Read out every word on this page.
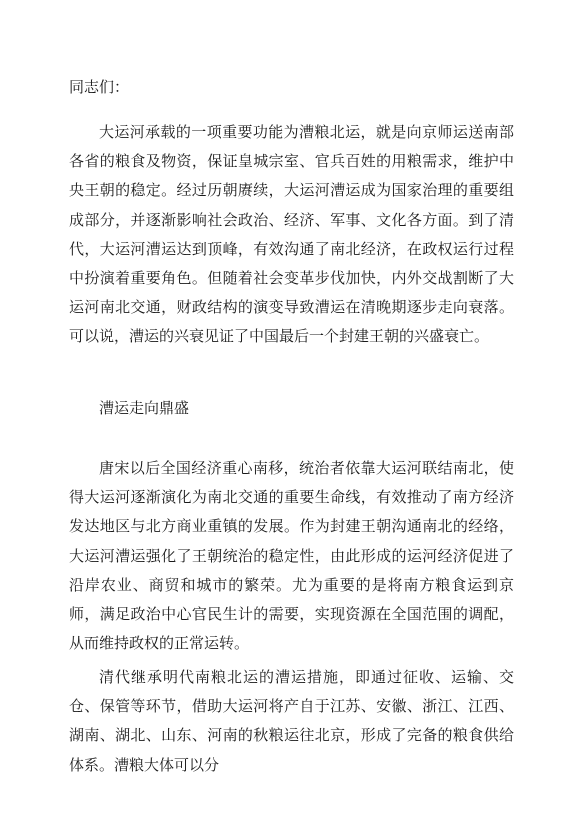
同志们：

大运河承载的一项重要功能为漕粮北运，就是向京师运送南部各省的粮食及物资，保证皇城宗室、官兵百姓的用粮需求，维护中央王朝的稳定。经过历朝赓续，大运河漕运成为国家治理的重要组成部分，并逐渐影响社会政治、经济、军事、文化各方面。到了清代，大运河漕运达到顶峰，有效沟通了南北经济，在政权运行过程中扮演着重要角色。但随着社会变革步伐加快，内外交战割断了大运河南北交通，财政结构的演变导致漕运在清晚期逐步走向衰落。可以说，漕运的兴衰见证了中国最后一个封建王朝的兴盛衰亡。

漕运走向鼎盛

唐宋以后全国经济重心南移，统治者依靠大运河联结南北，使得大运河逐渐演化为南北交通的重要生命线，有效推动了南方经济发达地区与北方商业重镇的发展。作为封建王朝沟通南北的经络，大运河漕运强化了王朝统治的稳定性，由此形成的运河经济促进了沿岸农业、商贸和城市的繁荣。尤为重要的是将南方粮食运到京师，满足政治中心官民生计的需要，实现资源在全国范围的调配，从而维持政权的正常运转。

清代继承明代南粮北运的漕运措施，即通过征收、运输、交仓、保管等环节，借助大运河将产自于江苏、安徽、浙江、江西、湖南、湖北、山东、河南的秋粮运往北京，形成了完备的粮食供给体系。漕粮大体可以分
